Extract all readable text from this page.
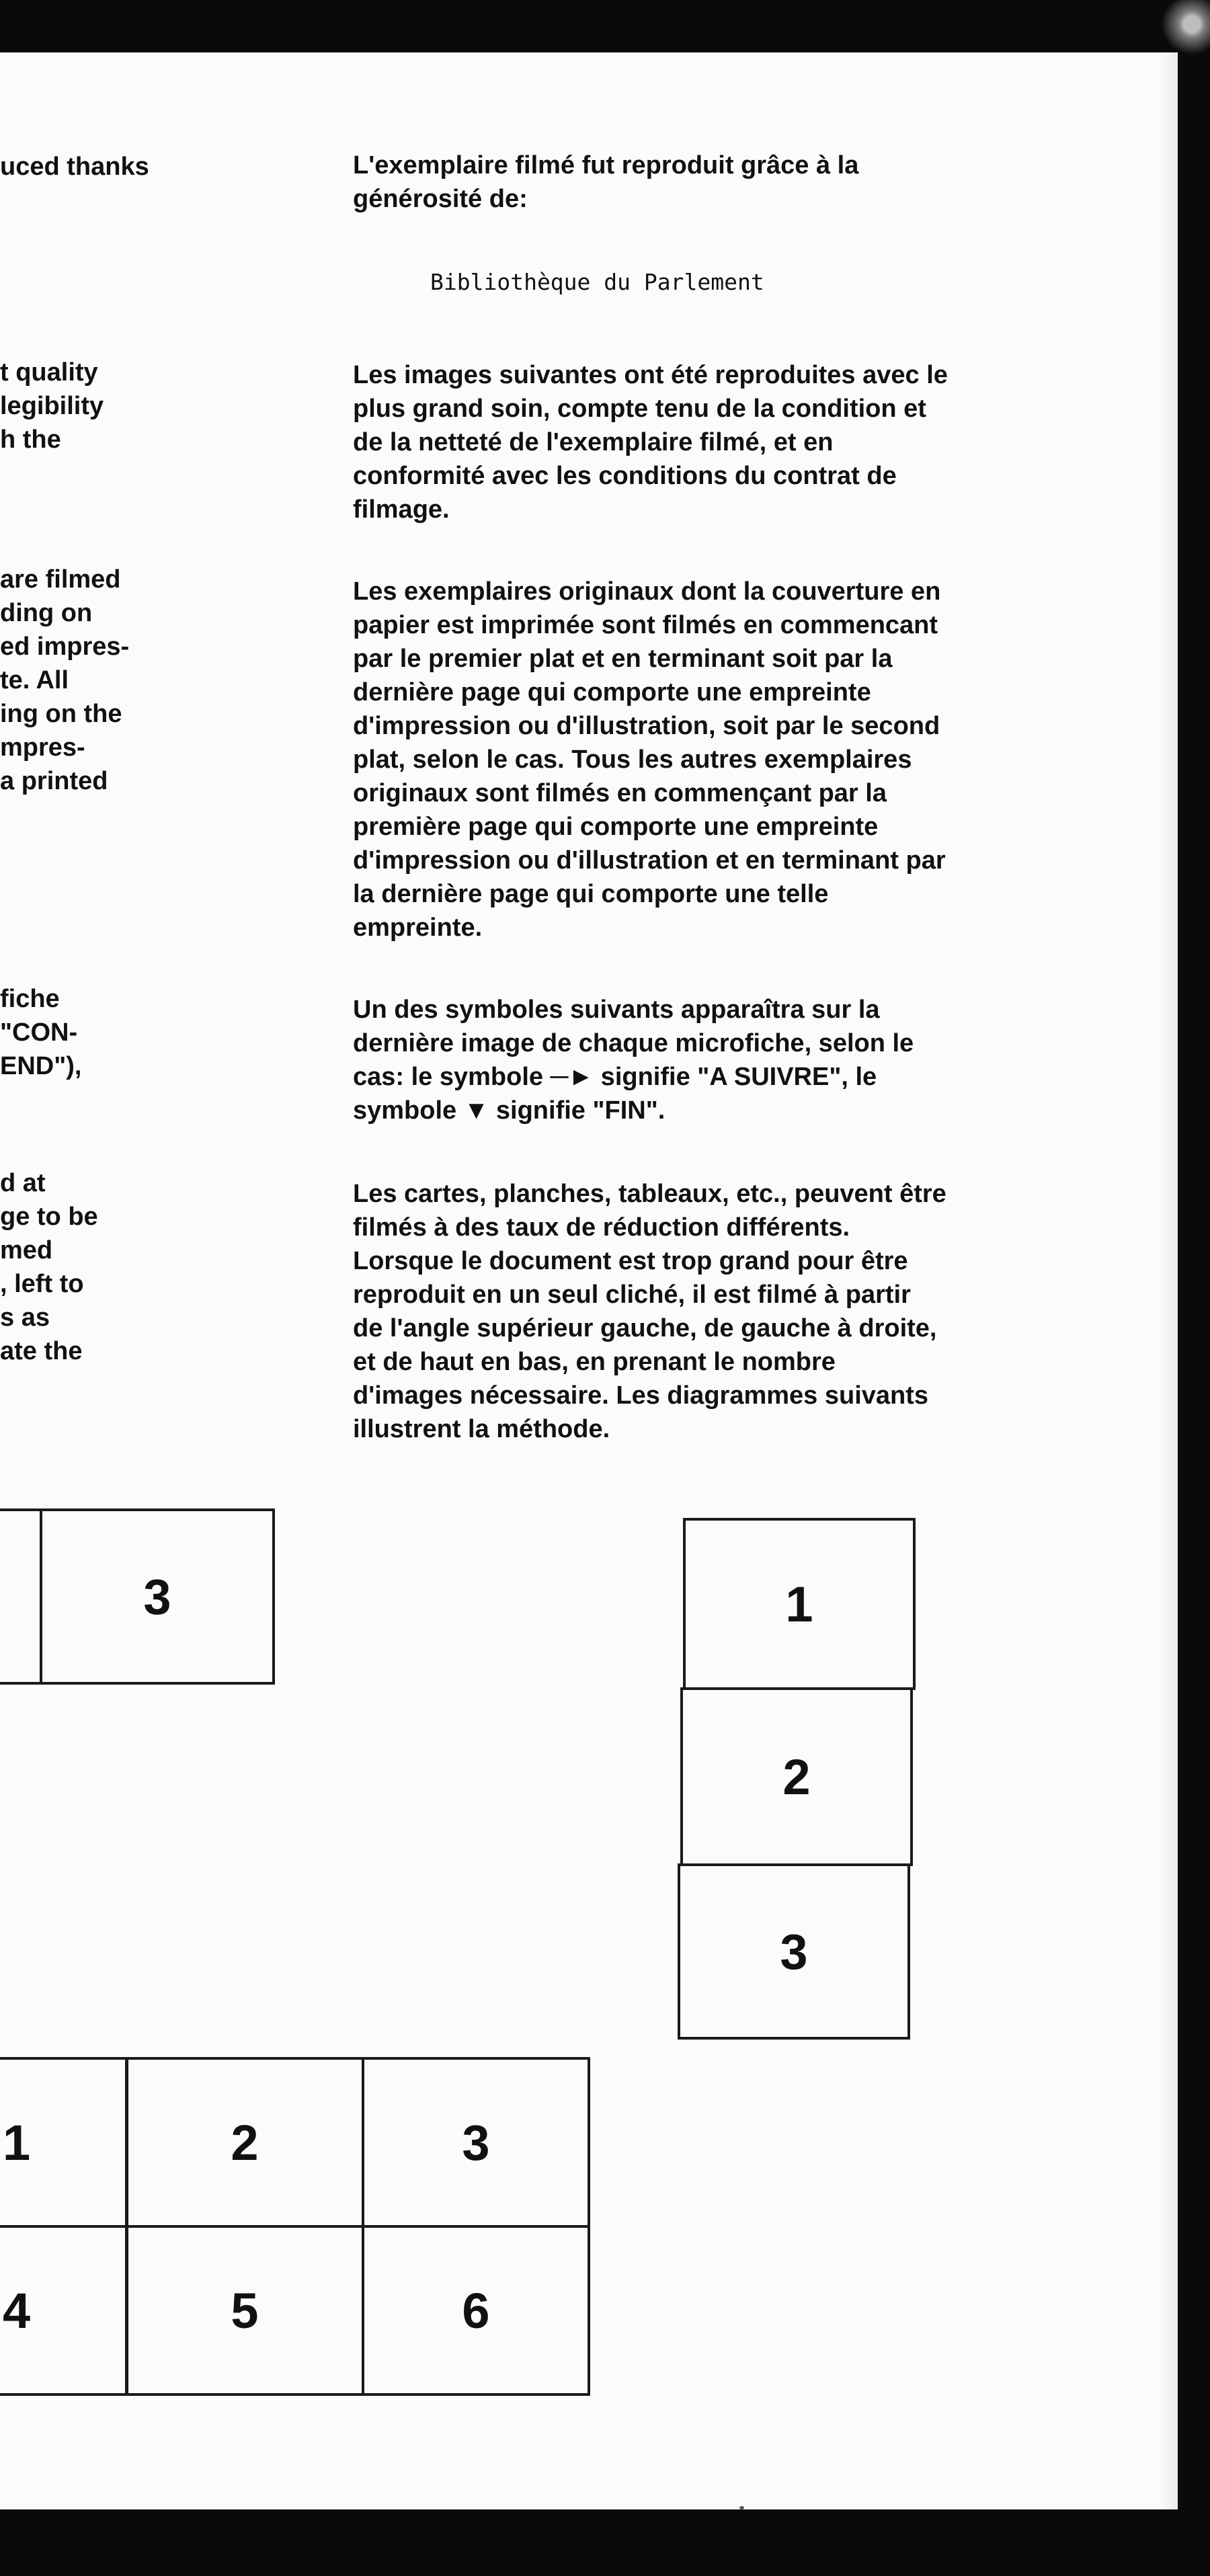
uced thanks

t quality

legibility

h the

are filmed

ding on

ed impres-

te. All

ing on the

mpres-

a printed

fiche

"CON-

END"),

d at

ge to be

med

, left to

s as

ate the

L'exemplaire filmé fut reproduit grâce à la

générosité de:

Bibliothèque du Parlement

Les images suivantes ont été reproduites avec le

plus grand soin, compte tenu de la condition et

de la netteté de l'exemplaire filmé, et en

conformité avec les conditions du contrat de

filmage.

Les exemplaires originaux dont la couverture en

papier est imprimée sont filmés en commencant

par le premier plat et en terminant soit par la

dernière page qui comporte une empreinte

d'impression ou d'illustration, soit par le second

plat, selon le cas. Tous les autres exemplaires

originaux sont filmés en commençant par la

première page qui comporte une empreinte

d'impression ou d'illustration et en terminant par

la dernière page qui comporte une telle

empreinte.

Un des symboles suivants apparaîtra sur la

dernière image de chaque microfiche, selon le

cas: le symbole ─► signifie "A SUIVRE", le

symbole ▼ signifie "FIN".

Les cartes, planches, tableaux, etc., peuvent être

filmés à des taux de réduction différents.

Lorsque le document est trop grand pour être

reproduit en un seul cliché, il est filmé à partir

de l'angle supérieur gauche, de gauche à droite,

et de haut en bas, en prenant le nombre

d'images nécessaire. Les diagrammes suivants

illustrent la méthode.

3	1
2
3
1	2	3
4	5	6
